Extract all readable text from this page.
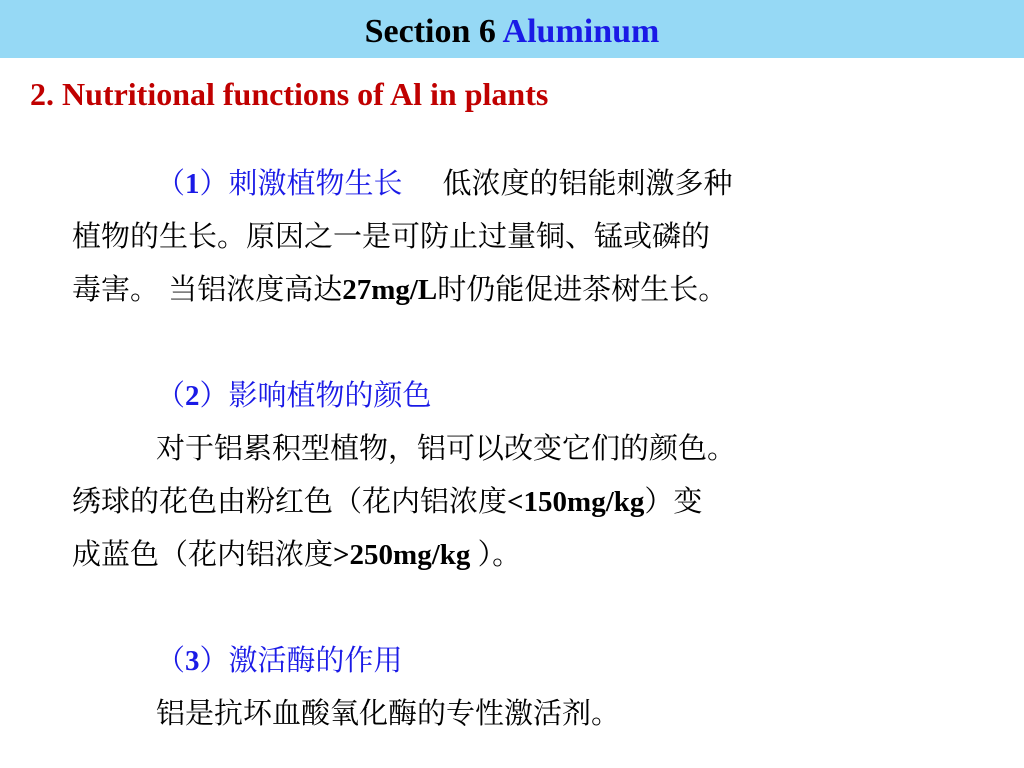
Section 6 Aluminum
2. Nutritional functions of Al in plants
（1）刺激植物生长 低浓度的铝能刺激多种
植物的生长。原因之一是可防止过量铜、锰或磷的
毒害。 当铝浓度高达27mg/L时仍能促进茶树生长。
（2）影响植物的颜色
对于铝累积型植物，铝可以改变它们的颜色。
绣球的花色由粉红色（花内铝浓度<150mg/kg）变
成蓝色（花内铝浓度>250mg/kg ）。
（3）激活酶的作用
铝是抗坏血酸氧化酶的专性激活剂。
